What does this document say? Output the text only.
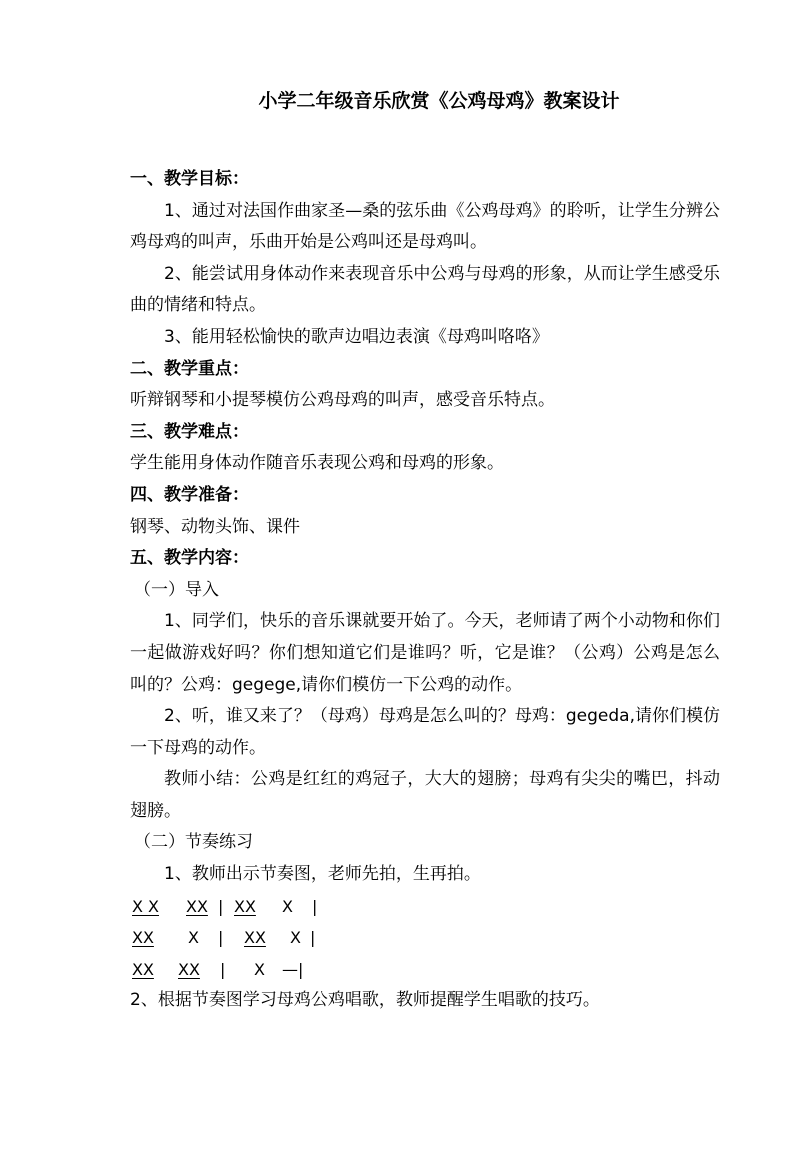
小学二年级音乐欣赏《公鸡母鸡》教案设计

一、教学目标：

1、通过对法国作曲家圣—桑的弦乐曲《公鸡母鸡》的聆听，让学生分辨公鸡母鸡的叫声，乐曲开始是公鸡叫还是母鸡叫。

2、能尝试用身体动作来表现音乐中公鸡与母鸡的形象，从而让学生感受乐曲的情绪和特点。

3、能用轻松愉快的歌声边唱边表演《母鸡叫咯咯》

二、教学重点：

听辩钢琴和小提琴模仿公鸡母鸡的叫声，感受音乐特点。

三、教学难点：

学生能用身体动作随音乐表现公鸡和母鸡的形象。

四、教学准备：

钢琴、动物头饰、课件

五、教学内容：

（一）导入

1、同学们，快乐的音乐课就要开始了。今天，老师请了两个小动物和你们一起做游戏好吗？你们想知道它们是谁吗？听，它是谁？（公鸡）公鸡是怎么叫的？公鸡：gegege,请你们模仿一下公鸡的动作。

2、听，谁又来了？（母鸡）母鸡是怎么叫的？母鸡：gegeda,请你们模仿一下母鸡的动作。

教师小结：公鸡是红红的鸡冠子，大大的翅膀；母鸡有尖尖的嘴巴，抖动翅膀。

（二）节奏练习

1、教师出示节奏图，老师先拍，生再拍。

X X

XX

|

XX

X

|

XX

X

|

XX

X

|

XX

XX

|

X

—|

2、根据节奏图学习母鸡公鸡唱歌，教师提醒学生唱歌的技巧。
